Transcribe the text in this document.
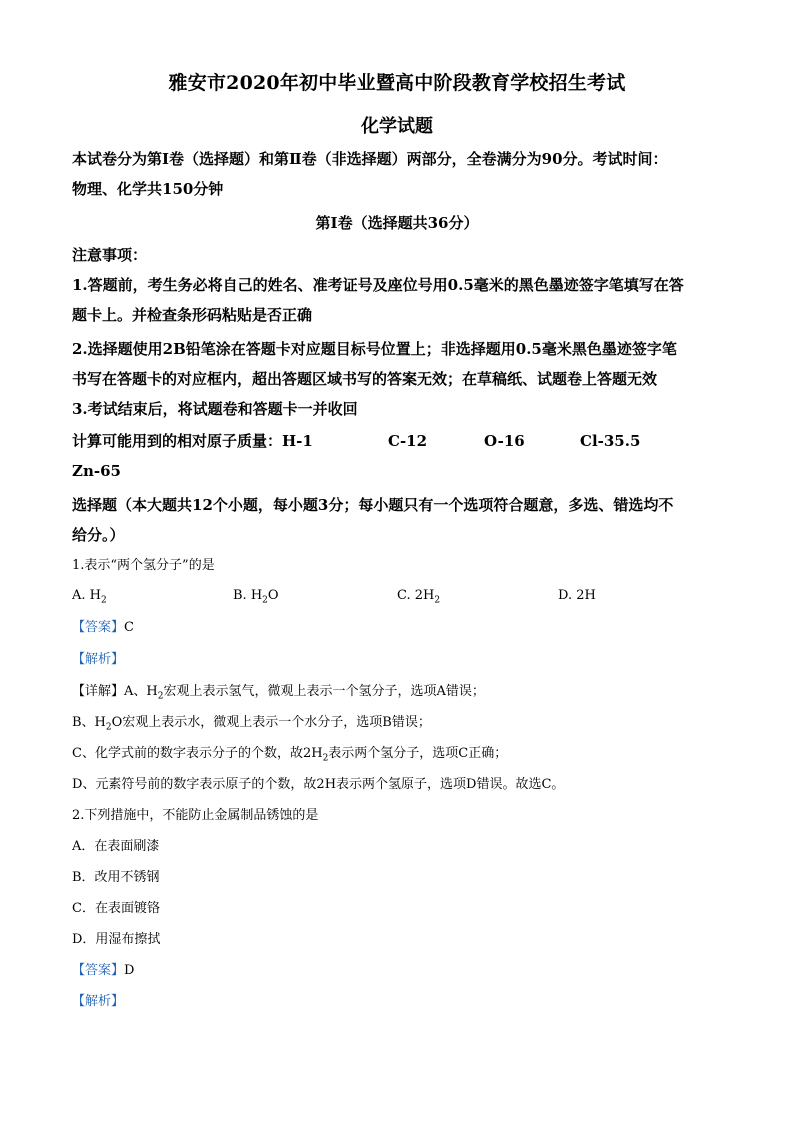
雅安市2020年初中毕业暨高中阶段教育学校招生考试
化学试题
本试卷分为第Ⅰ卷（选择题）和第Ⅱ卷（非选择题）两部分，全卷满分为90分。考试时间：
物理、化学共150分钟
第Ⅰ卷（选择题共36分）
注意事项：
1.答题前，考生务必将自己的姓名、准考证号及座位号用0.5毫米的黑色墨迹签字笔填写在答
题卡上。并检查条形码粘贴是否正确
2.选择题使用2B铅笔涂在答题卡对应题目标号位置上；非选择题用0.5毫米黑色墨迹签字笔
书写在答题卡的对应框内，超出答题区域书写的答案无效；在草稿纸、试题卷上答题无效
3.考试结束后，将试题卷和答题卡一并收回
计算可能用到的相对原子质量： H-1	C-12	O-16	Cl-35.5
Zn-65
选择题（本大题共12个小题，每小题3分；每小题只有一个选项符合题意，多选、错选均不
给分。）
1.表示“两个氢分子”的是
A. $H_2$	B. $H_2O$	C. $2H_2$	D. 2H
【答案】C
【解析】
【详解】A、$H_2$宏观上表示氢气，微观上表示一个氢分子，选项A错误；
B、$H_2O$宏观上表示水，微观上表示一个水分子，选项B错误；
C、化学式前的数字表示分子的个数，故$2H_2$表示两个氢分子，选项C正确；
D、元素符号前的数字表示原子的个数，故2H表示两个氢原子，选项D错误。故选C。
2.下列措施中，不能防止金属制品锈蚀的是
A．在表面刷漆
B．改用不锈钢
C．在表面镀铬
D．用湿布擦拭
【答案】D
【解析】
